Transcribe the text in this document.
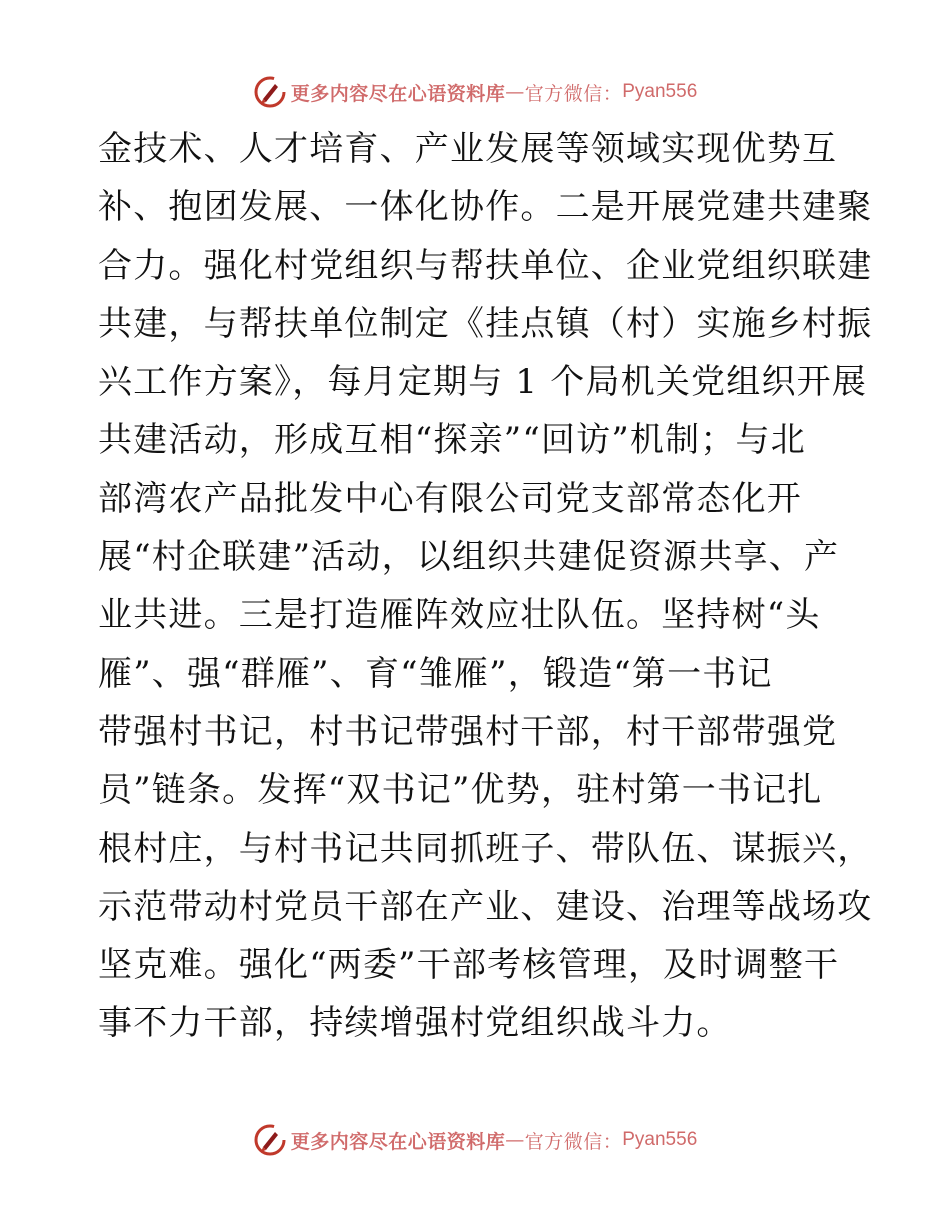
更多内容尽在心语资料库 — 官方微信： Pyan556
金技术、人才培育、产业发展等领域实现优势互
补、抱团发展、一体化协作。二是开展党建共建聚
合力。强化村党组织与帮扶单位、企业党组织联建
共建，与帮扶单位制定《挂点镇（村）实施乡村振
兴工作方案》，每月定期与 1 个局机关党组织开展
共建活动，形成互相“探亲”“回访”机制；与北
部湾农产品批发中心有限公司党支部常态化开
展“村企联建”活动，以组织共建促资源共享、产
业共进。三是打造雁阵效应壮队伍。坚持树“头
雁”、强“群雁”、育“雏雁”，锻造“第一书记
带强村书记，村书记带强村干部，村干部带强党
员”链条。发挥“双书记”优势，驻村第一书记扎
根村庄，与村书记共同抓班子、带队伍、谋振兴，
示范带动村党员干部在产业、建设、治理等战场攻
坚克难。强化“两委”干部考核管理，及时调整干
事不力干部，持续增强村党组织战斗力。
更多内容尽在心语资料库 — 官方微信： Pyan556
